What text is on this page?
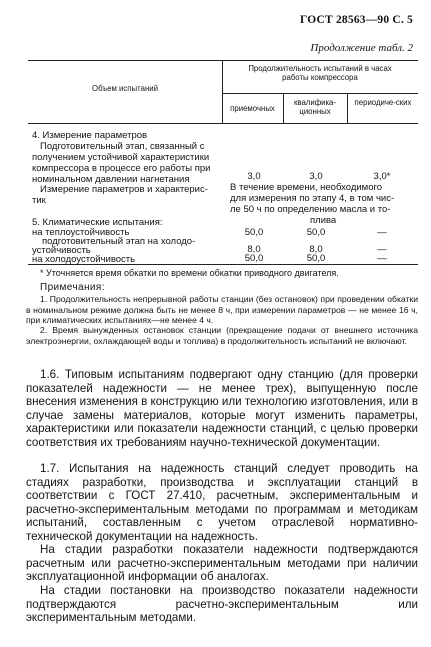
ГОСТ 28563—90 С. 5
Продолжение табл. 2
Объем испытаний
Продолжительность испытаний в часах работы компрессора
приемочных
квалифика-ционных
периодиче-ских
4. Измерение параметров
Подготовительный этап, связанный с
получением устойчивой характеристики
компрессора в процессе его работы при
номинальном давлении нагнетания	3,0	3,0	3,0*
Измерение параметров и характерис-
тик
В течение времени, необходимого
для измерения по этапу 4, в том чис-
ле 50 ч по определению масла и то-
плива
5. Климатические испытания:
на теплоустойчивость	50,0	50,0	—
подготовительный этап на холодо-
устойчивость	8,0	8,0	—
на холодоустойчивость	50,0	50,0	—
* Уточняется время обкатки по времени обкатки приводного двигателя.
Примечания:
1. Продолжительность непрерывной работы станции (без остановок) при проведении обкатки в номинальном режиме должна быть не менее 8 ч, при измерении параметров — не менее 16 ч, при климатических испытаниях—не менее 4 ч.
2. Время вынужденных остановок станции (прекращение подачи от внешнего источника электроэнергии, охлаждающей воды и топлива) в продолжительность испытаний не включают.

1.6. Типовым испытаниям подвергают одну станцию (для проверки показателей надежности — не менее трех), выпущенную после внесения изменения в конструкцию или технологию изготовления, или в случае замены материалов, которые могут изменить параметры, характеристики или показатели надежности станций, с целью проверки соответствия их требованиям научно-технической документации.

1.7. Испытания на надежность станций следует проводить на стадиях разработки, производства и эксплуатации станций в соответствии с ГОСТ 27.410, расчетным, экспериментальным и расчетно-экспериментальным методами по программам и методикам испытаний, составленным с учетом отраслевой нормативно-технической документации на надежность.

На стадии разработки показатели надежности подтверждаются расчетным или расчетно-экспериментальным методами при наличии эксплуатационной информации об аналогах.

На стадии постановки на производство показатели надежности подтверждаются расчетно-экспериментальным или экспериментальным методами.
